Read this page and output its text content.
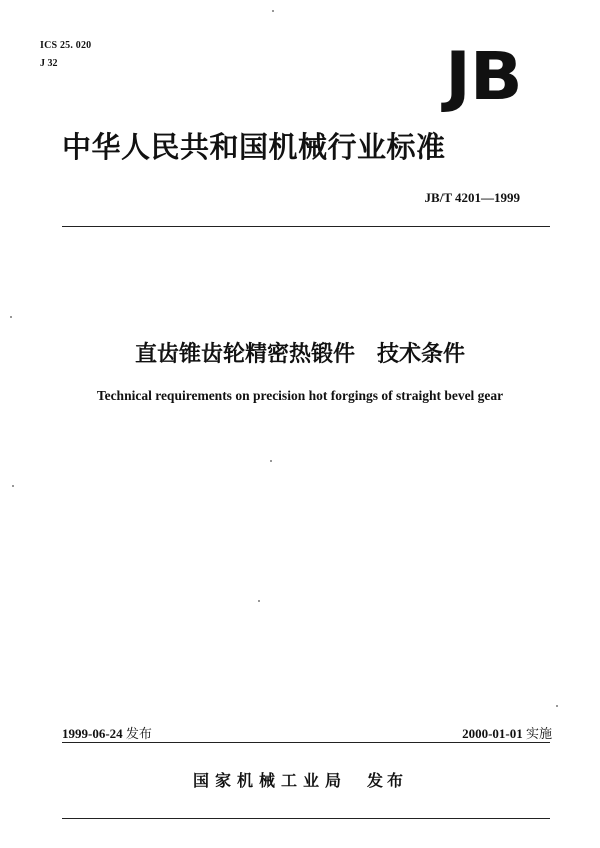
ICS 25. 020

J 32	JB
中华人民共和国机械行业标准

JB/T 4201—1999

直齿锥齿轮精密热锻件　技术条件

Technical requirements on precision hot forgings of straight bevel gear

1999-06-24 发布	2000-01-01 实施

国家机械工业局 发布
